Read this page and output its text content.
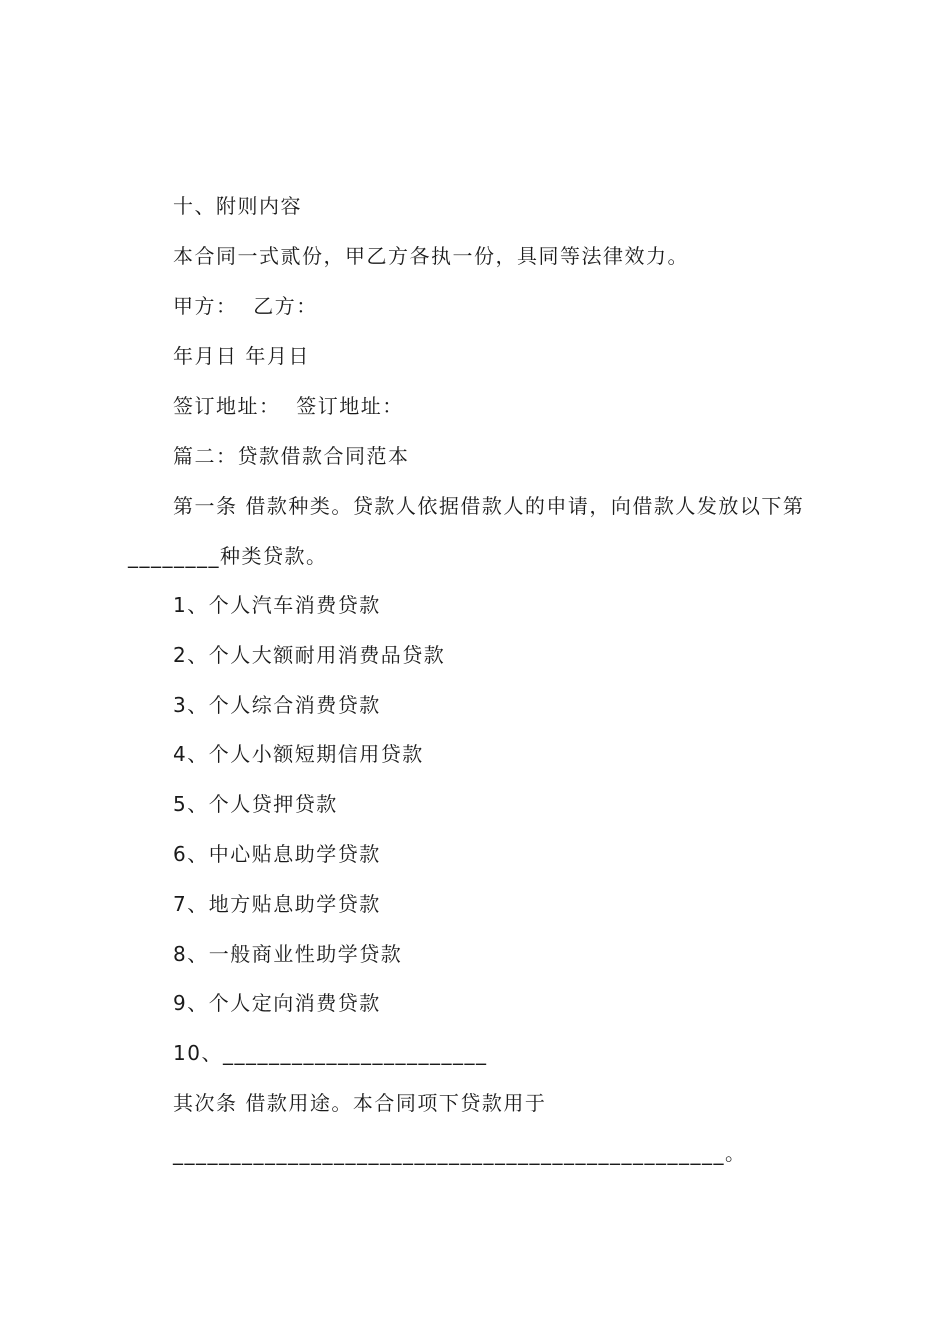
十、附则内容
本合同一式贰份，甲乙方各执一份，具同等法律效力。
甲方：  乙方：
年月日 年月日
签订地址：  签订地址：
篇二：贷款借款合同范本
第一条 借款种类。贷款人依据借款人的申请，向借款人发放以下第
________种类贷款。
1、个人汽车消费贷款
2、个人大额耐用消费品贷款
3、个人综合消费贷款
4、个人小额短期信用贷款
5、个人贷押贷款
6、中心贴息助学贷款
7、地方贴息助学贷款
8、一般商业性助学贷款
9、个人定向消费贷款
10、_______________________
其次条 借款用途。本合同项下贷款用于
________________________________________________。
